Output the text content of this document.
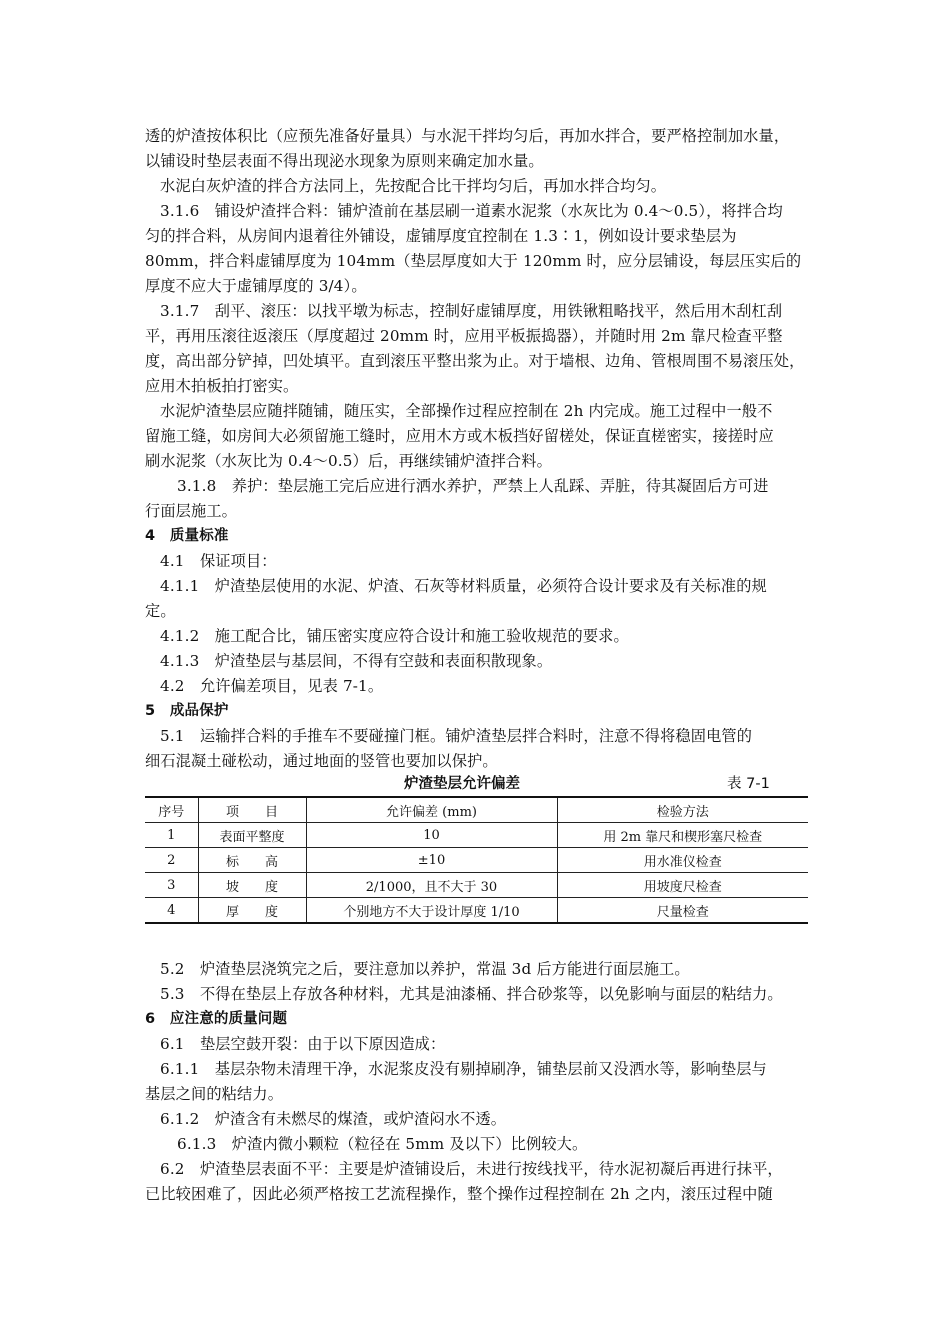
透的炉渣按体积比（应预先准备好量具）与水泥干拌均匀后，再加水拌合，要严格控制加水量，
以铺设时垫层表面不得出现泌水现象为原则来确定加水量。
水泥白灰炉渣的拌合方法同上，先按配合比干拌均匀后，再加水拌合均匀。
3.1.6　铺设炉渣拌合料：铺炉渣前在基层刷一道素水泥浆（水灰比为 0.4～0.5），将拌合均
匀的拌合料，从房间内退着往外铺设，虚铺厚度宜控制在 1.3∶1，例如设计要求垫层为
80mm，拌合料虚铺厚度为 104mm（垫层厚度如大于 120mm 时，应分层铺设，每层压实后的
厚度不应大于虚铺厚度的 3/4）。
3.1.7　刮平、滚压：以找平墩为标志，控制好虚铺厚度，用铁锹粗略找平，然后用木刮杠刮
平，再用压滚往返滚压（厚度超过 20mm 时，应用平板振捣器），并随时用 2m 靠尺检查平整
度，高出部分铲掉，凹处填平。直到滚压平整出浆为止。对于墙根、边角、管根周围不易滚压处，
应用木拍板拍打密实。
水泥炉渣垫层应随拌随铺，随压实，全部操作过程应控制在 2h 内完成。施工过程中一般不
留施工缝，如房间大必须留施工缝时，应用木方或木板挡好留槎处，保证直槎密实，接搓时应
刷水泥浆（水灰比为 0.4～0.5）后，再继续铺炉渣拌合料。
3.1.8　养护：垫层施工完后应进行洒水养护，严禁上人乱踩、弄脏，待其凝固后方可进
行面层施工。
4　质量标准
4.1　保证项目：
4.1.1　炉渣垫层使用的水泥、炉渣、石灰等材料质量，必须符合设计要求及有关标准的规
定。
4.1.2　施工配合比，铺压密实度应符合设计和施工验收规范的要求。
4.1.3　炉渣垫层与基层间，不得有空鼓和表面积散现象。
4.2　允许偏差项目，见表 7-1。
5　成品保护
5.1　运输拌合料的手推车不要碰撞门框。铺炉渣垫层拌合料时，注意不得将稳固电管的
细石混凝土碰松动，通过地面的竖管也要加以保护。
炉渣垫层允许偏差	表 7-1
序号	项　　目	允许偏差 (mm)	检验方法
1	表面平整度	10	用 2m 靠尺和楔形塞尺检查
2	标　　高	±10	用水准仪检查
3	坡　　度	2/1000，且不大于 30	用坡度尺检查
4	厚　　度	个别地方不大于设计厚度 1/10	尺量检查
5.2　炉渣垫层浇筑完之后，要注意加以养护，常温 3d 后方能进行面层施工。
5.3　不得在垫层上存放各种材料，尤其是油漆桶、拌合砂浆等，以免影响与面层的粘结力。
6　应注意的质量问题
6.1　垫层空鼓开裂：由于以下原因造成：
6.1.1　基层杂物未清理干净，水泥浆皮没有剔掉刷净，铺垫层前又没洒水等，影响垫层与
基层之间的粘结力。
6.1.2　炉渣含有未燃尽的煤渣，或炉渣闷水不透。
6.1.3　炉渣内微小颗粒（粒径在 5mm 及以下）比例较大。
6.2　炉渣垫层表面不平：主要是炉渣铺设后，未进行按线找平，待水泥初凝后再进行抹平，
已比较困难了，因此必须严格按工艺流程操作，整个操作过程控制在 2h 之内，滚压过程中随
